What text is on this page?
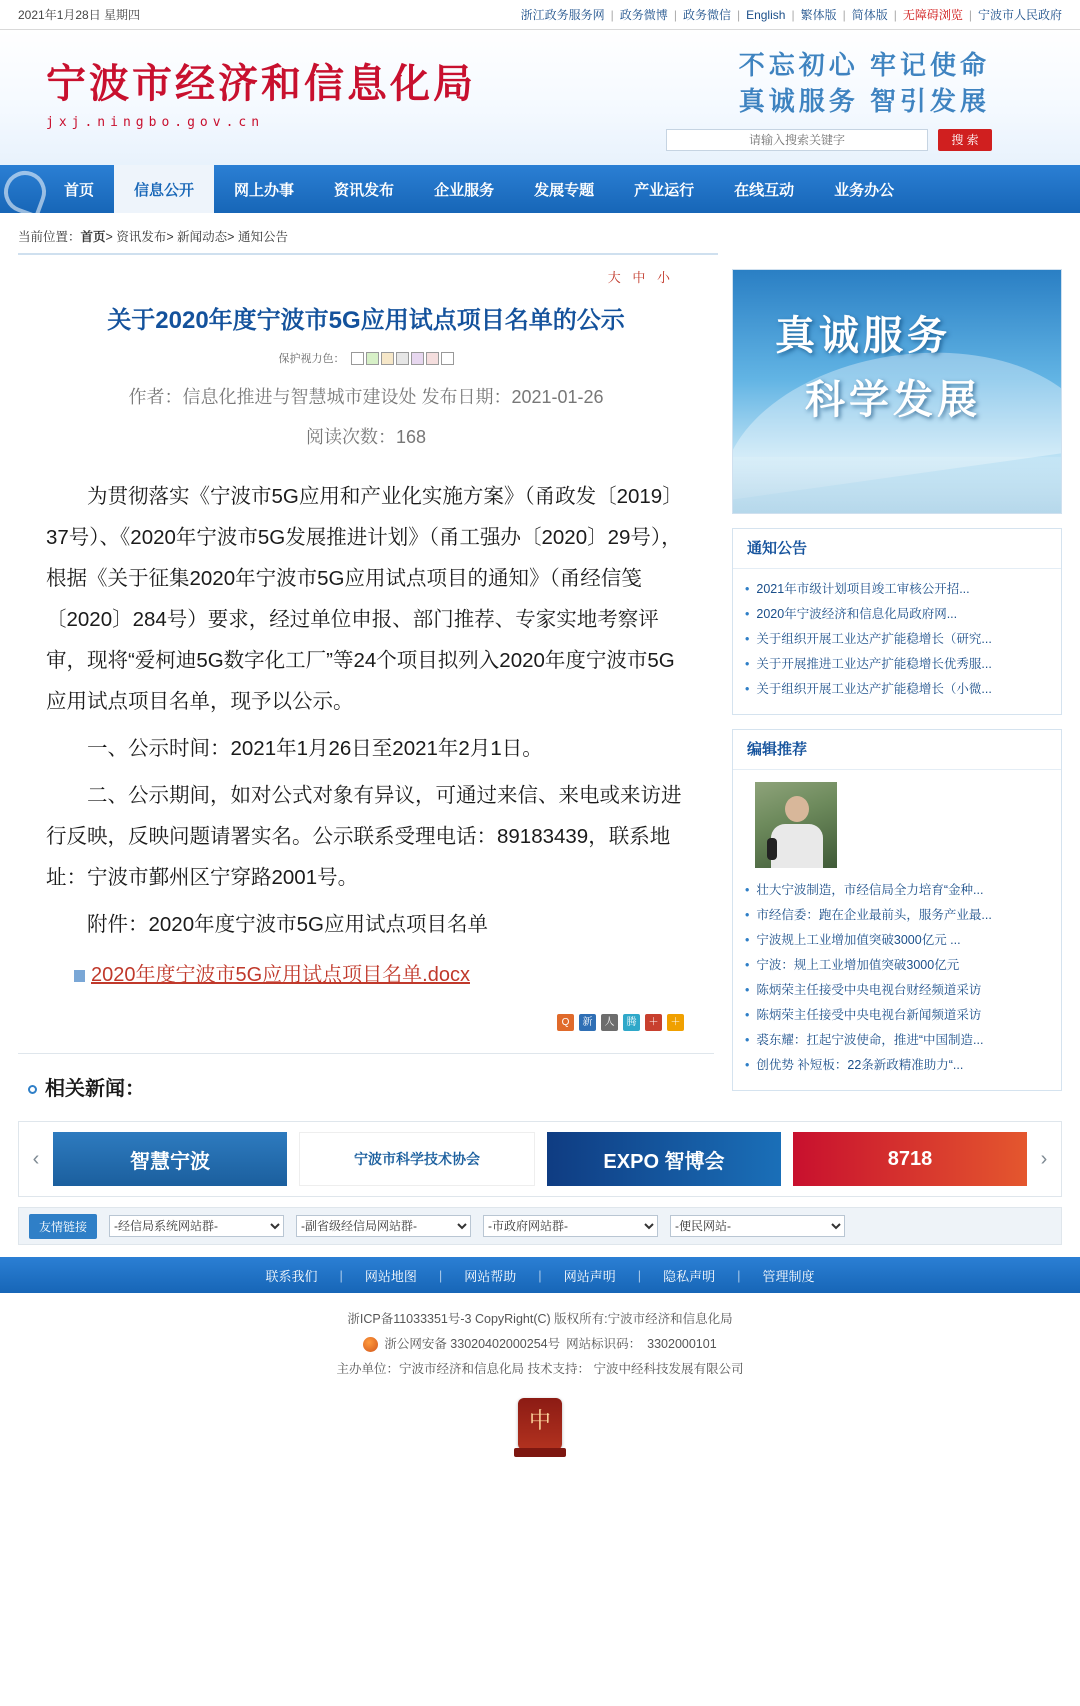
2021年1月28日 星期四	浙江政务服务网 | 政务微博 | 政务微信 | English | 繁体版 | 简体版 | 无障碍浏览 | 宁波市人民政府
宁波市经济和信息化局
jxj.ningbo.gov.cn
不忘初心 牢记使命
真诚服务 智引发展
请输入搜索关键字
搜 索
首页	信息公开	网上办事	资讯发布	企业服务	发展专题	产业运行	在线互动	业务办公
当前位置：首页> 资讯发布> 新闻动态> 通知公告
大 中 小
关于2020年度宁波市5G应用试点项目名单的公示
保护视力色：
作者：信息化推进与智慧城市建设处 发布日期：2021-01-26
阅读次数：168

为贯彻落实《宁波市5G应用和产业化实施方案》（甬政发〔2019〕37号）、《2020年宁波市5G发展推进计划》（甬工强办〔2020〕29号），根据《关于征集2020年宁波市5G应用试点项目的通知》（甬经信笺〔2020〕284号）要求，经过单位申报、部门推荐、专家实地考察评审，现将“爱柯迪5G数字化工厂”等24个项目拟列入2020年度宁波市5G应用试点项目名单，现予以公示。

一、公示时间：2021年1月26日至2021年2月1日。

二、公示期间，如对公式对象有异议，可通过来信、来电或来访进行反映，反映问题请署实名。公示联系受理电话：89183439，联系地址：宁波市鄞州区宁穿路2001号。

附件：2020年度宁波市5G应用试点项目名单

2020年度宁波市5G应用试点项目名单.docx
Q	新	人	腾	＋	＋
相关新闻：
真诚服务
科学发展
通知公告
• 2021年市级计划项目竣工审核公开招...
• 2020年宁波经济和信息化局政府网...
• 关于组织开展工业达产扩能稳增长（研究...
• 关于开展推进工业达产扩能稳增长优秀服...
• 关于组织开展工业达产扩能稳增长（小微...
编辑推荐
• 壮大宁波制造，市经信局全力培育“金种...
• 市经信委：跑在企业最前头，服务产业最...
• 宁波规上工业增加值突破3000亿元 ...
• 宁波：规上工业增加值突破3000亿元
• 陈炳荣主任接受中央电视台财经频道采访
• 陈炳荣主任接受中央电视台新闻频道采访
• 裘东耀：扛起宁波使命，推进“中国制造...
• 创优势 补短板：22条新政精准助力“...
‹	智慧宁波	宁波市科学技术协会	EXPO 智博会	8718	›
友情链接
-经信局系统网站群-
-副省级经信局网站群-
-市政府网站群-
-便民网站-
联系我们	|	网站地图	|	网站帮助	|	网站声明	|	隐私声明	|	管理制度
浙ICP备11033351号-3 CopyRight(C) 版权所有:宁波市经济和信息化局
浙公网安备 33020402000254号 网站标识码： 3302000101
主办单位：宁波市经济和信息化局 技术支持： 宁波中经科技发展有限公司
中
